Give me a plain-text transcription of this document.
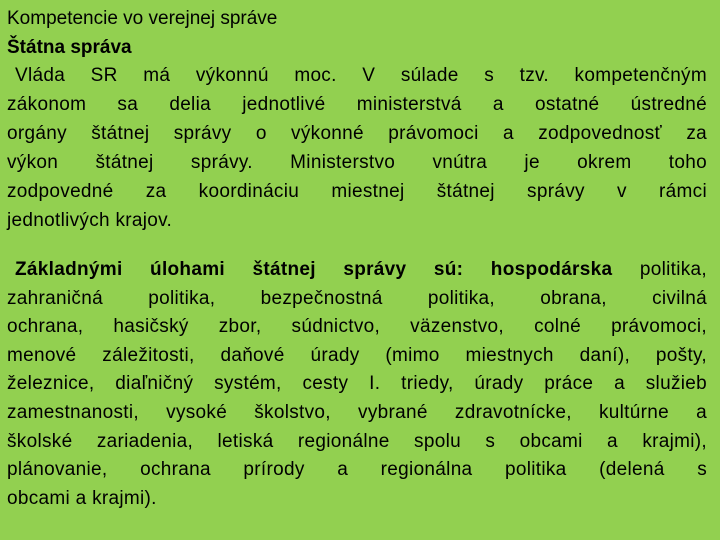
Kompetencie vo verejnej správe
Štátna správa
Vláda SR má výkonnú moc. V súlade s tzv. kompetenčným
zákonom sa delia jednotlivé ministerstvá a ostatné ústredné
orgány štátnej správy o výkonné právomoci a zodpovednosť za
výkon štátnej správy. Ministerstvo vnútra je okrem toho
zodpovedné za koordináciu miestnej štátnej správy v rámci
jednotlivých krajov.
Základnými úlohami štátnej správy sú: hospodárska politika,
zahraničná politika, bezpečnostná politika, obrana, civilná
ochrana, hasičský zbor, súdnictvo, väzenstvo, colné právomoci,
menové záležitosti, daňové úrady (mimo miestnych daní), pošty,
železnice, diaľničný systém, cesty I. triedy, úrady práce a služieb
zamestnanosti, vysoké školstvo, vybrané zdravotnícke, kultúrne a
školské zariadenia, letiská regionálne spolu s obcami a krajmi),
plánovanie, ochrana prírody a regionálna politika (delená s
obcami a krajmi).
